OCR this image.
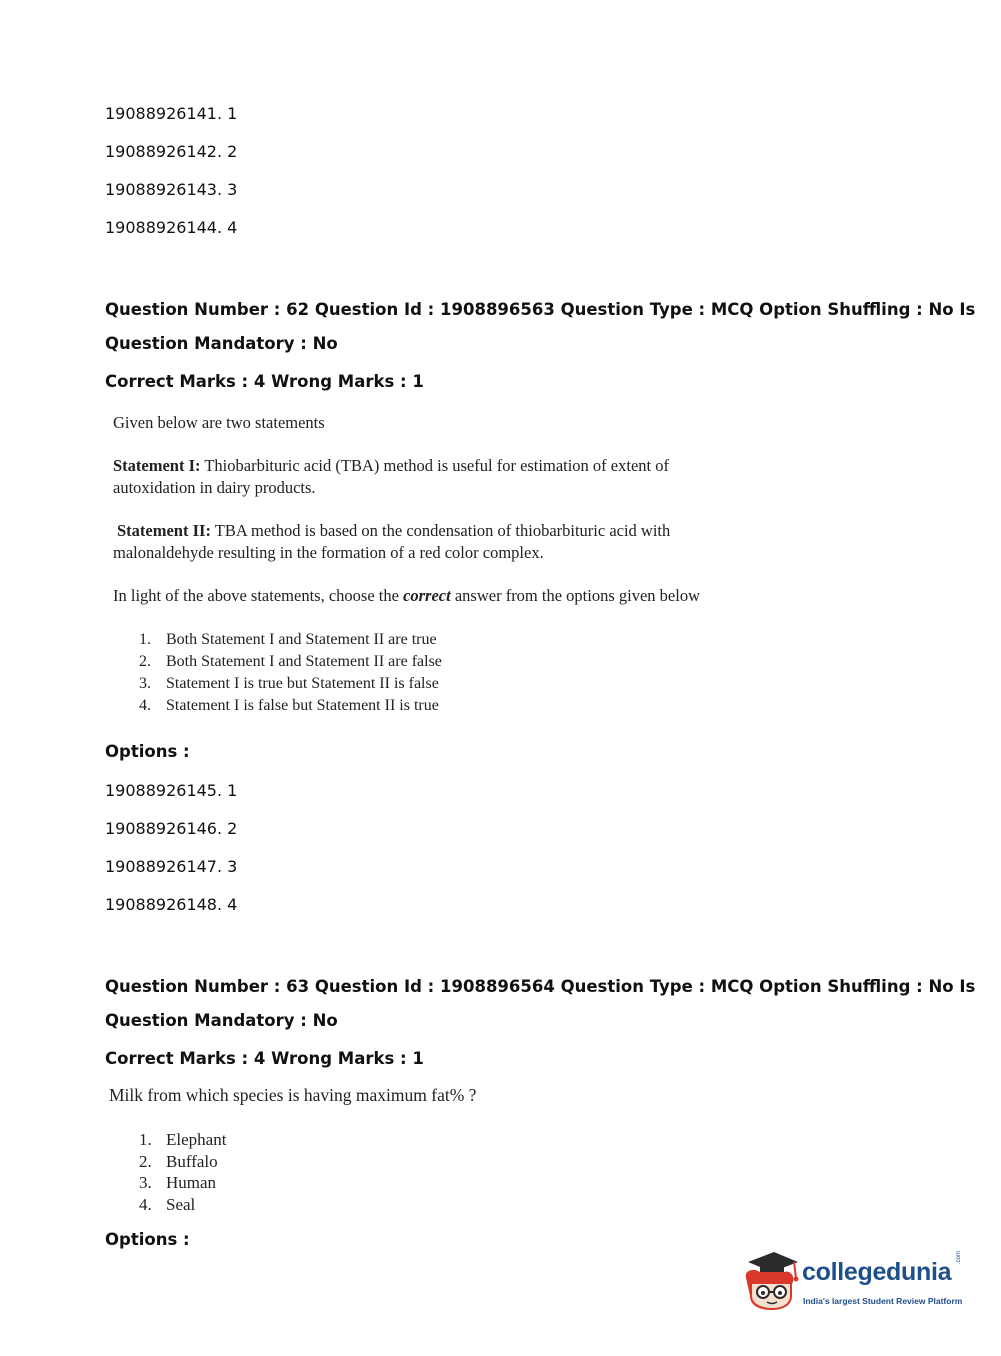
19088926141. 1
19088926142. 2
19088926143. 3
19088926144. 4
Question Number : 62 Question Id : 1908896563 Question Type : MCQ Option Shuffling : No Is
Question Mandatory : No
Correct Marks : 4 Wrong Marks : 1
Given below are two statements
Statement I: Thiobarbituric acid (TBA) method is useful for estimation of extent of
autoxidation in dairy products.
Statement II: TBA method is based on the condensation of thiobarbituric acid with
malonaldehyde resulting in the formation of a red color complex.
In light of the above statements, choose the correct answer from the options given below
1. Both Statement I and Statement II are true
2. Both Statement I and Statement II are false
3. Statement I is true but Statement II is false
4. Statement I is false but Statement II is true
Options :
19088926145. 1
19088926146. 2
19088926147. 3
19088926148. 4
Question Number : 63 Question Id : 1908896564 Question Type : MCQ Option Shuffling : No Is
Question Mandatory : No
Correct Marks : 4 Wrong Marks : 1
Milk from which species is having maximum fat% ?
1. Elephant
2. Buffalo
3. Human
4. Seal
Options :
collegedunia
.com
India's largest Student Review Platform
